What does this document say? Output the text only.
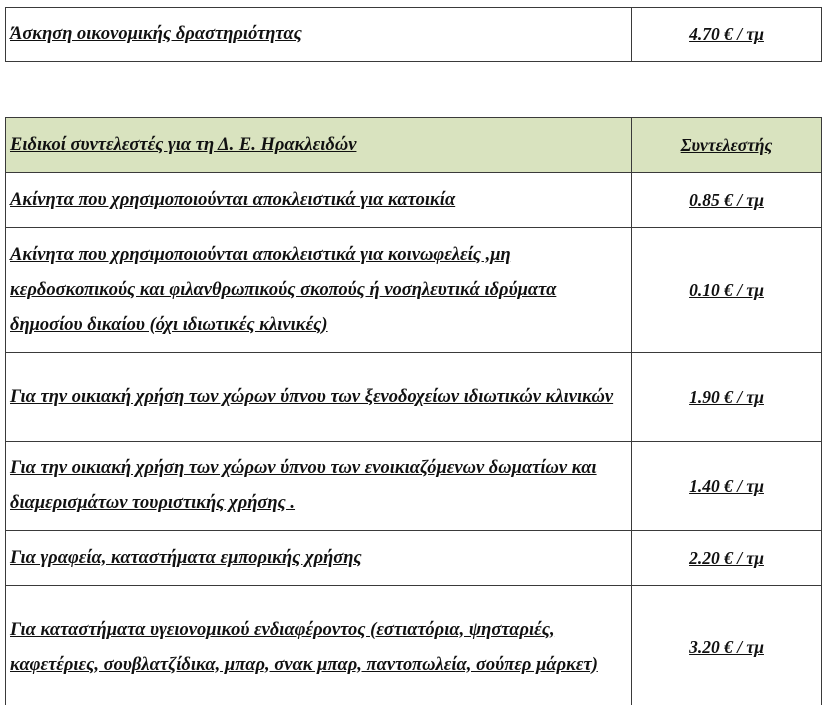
Άσκηση οικονομικής δραστηριότητας	4.70 € / τμ
Ειδικοί συντελεστές για τη Δ. Ε. Ηρακλειδών	Συντελεστής
Ακίνητα που χρησιμοποιούνται αποκλειστικά για κατοικία	0.85 € / τμ
Ακίνητα που χρησιμοποιούνται αποκλειστικά για κοινωφελείς ,μη κερδοσκοπικούς και φιλανθρωπικούς σκοπούς ή νοσηλευτικά ιδρύματα δημοσίου δικαίου (όχι ιδιωτικές κλινικές)	0.10 € / τμ
Για την οικιακή χρήση των χώρων ύπνου των ξενοδοχείων ιδιωτικών κλινικών	1.90 € / τμ
Για την οικιακή χρήση των χώρων ύπνου των ενοικιαζόμενων δωματίων και διαμερισμάτων τουριστικής χρήσης .	1.40 € / τμ
Για γραφεία, καταστήματα εμπορικής χρήσης	2.20 € / τμ
Για καταστήματα υγειονομικού ενδιαφέροντος (εστιατόρια, ψησταριές, καφετέριες, σουβλατζίδικα, μπαρ, σνακ μπαρ, παντοπωλεία, σούπερ μάρκετ)	3.20 € / τμ
